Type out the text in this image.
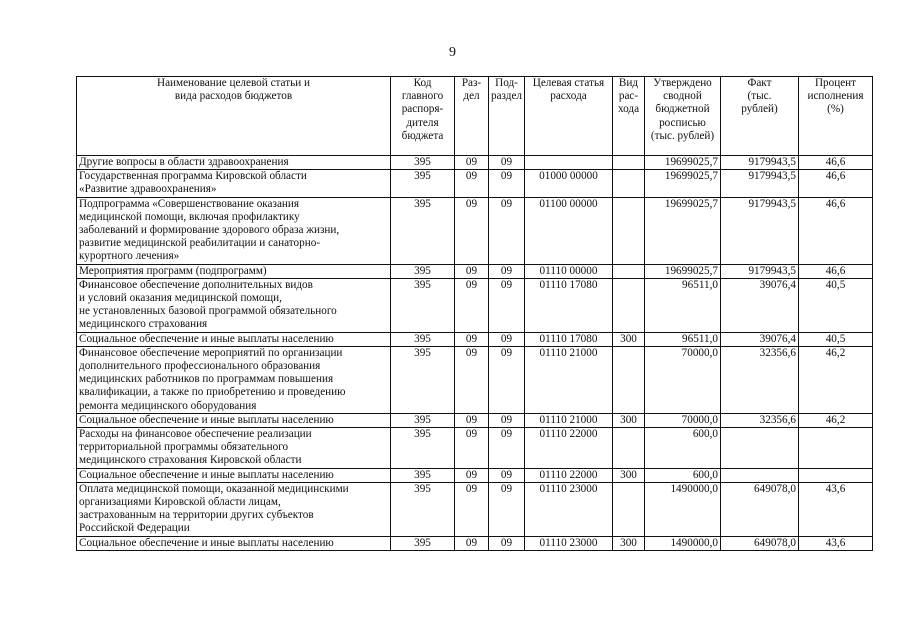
9
Наименование целевой статьи и
вида расходов бюджетов	Код
главного
распоря-
дителя
бюджета	Раз-
дел	Под-
раздел	Целевая статья
расхода	Вид
рас-
хода	Утверждено
сводной
бюджетной
росписью
(тыс. рублей)	Факт
(тыс.
рублей)	Процент
исполнения
(%)
Другие вопросы в области здравоохранения	395	09	09			19699025,7	9179943,5	46,6
Государственная программа Кировской области
«Развитие здравоохранения»	395	09	09	01000 00000		19699025,7	9179943,5	46,6
Подпрограмма «Совершенствование оказания
медицинской помощи, включая профилактику
заболеваний и формирование здорового образа жизни,
развитие медицинской реабилитации и санаторно-
курортного лечения»	395	09	09	01100 00000		19699025,7	9179943,5	46,6
Мероприятия программ (подпрограмм)	395	09	09	01110 00000		19699025,7	9179943,5	46,6
Финансовое обеспечение дополнительных видов
и условий оказания медицинской помощи,
не установленных базовой программой обязательного
медицинского страхования	395	09	09	01110 17080		96511,0	39076,4	40,5
Социальное обеспечение и иные выплаты населению	395	09	09	01110 17080	300	96511,0	39076,4	40,5
Финансовое обеспечение мероприятий по организации
дополнительного профессионального образования
медицинских работников по программам повышения
квалификации, а также по приобретению и проведению
ремонта медицинского оборудования	395	09	09	01110 21000		70000,0	32356,6	46,2
Социальное обеспечение и иные выплаты населению	395	09	09	01110 21000	300	70000,0	32356,6	46,2
Расходы на финансовое обеспечение реализации
территориальной программы обязательного
медицинского страхования Кировской области	395	09	09	01110 22000		600,0		
Социальное обеспечение и иные выплаты населению	395	09	09	01110 22000	300	600,0		
Оплата медицинской помощи, оказанной медицинскими
организациями Кировской области лицам,
застрахованным на территории других субъектов
Российской Федерации	395	09	09	01110 23000		1490000,0	649078,0	43,6
Социальное обеспечение и иные выплаты населению	395	09	09	01110 23000	300	1490000,0	649078,0	43,6
